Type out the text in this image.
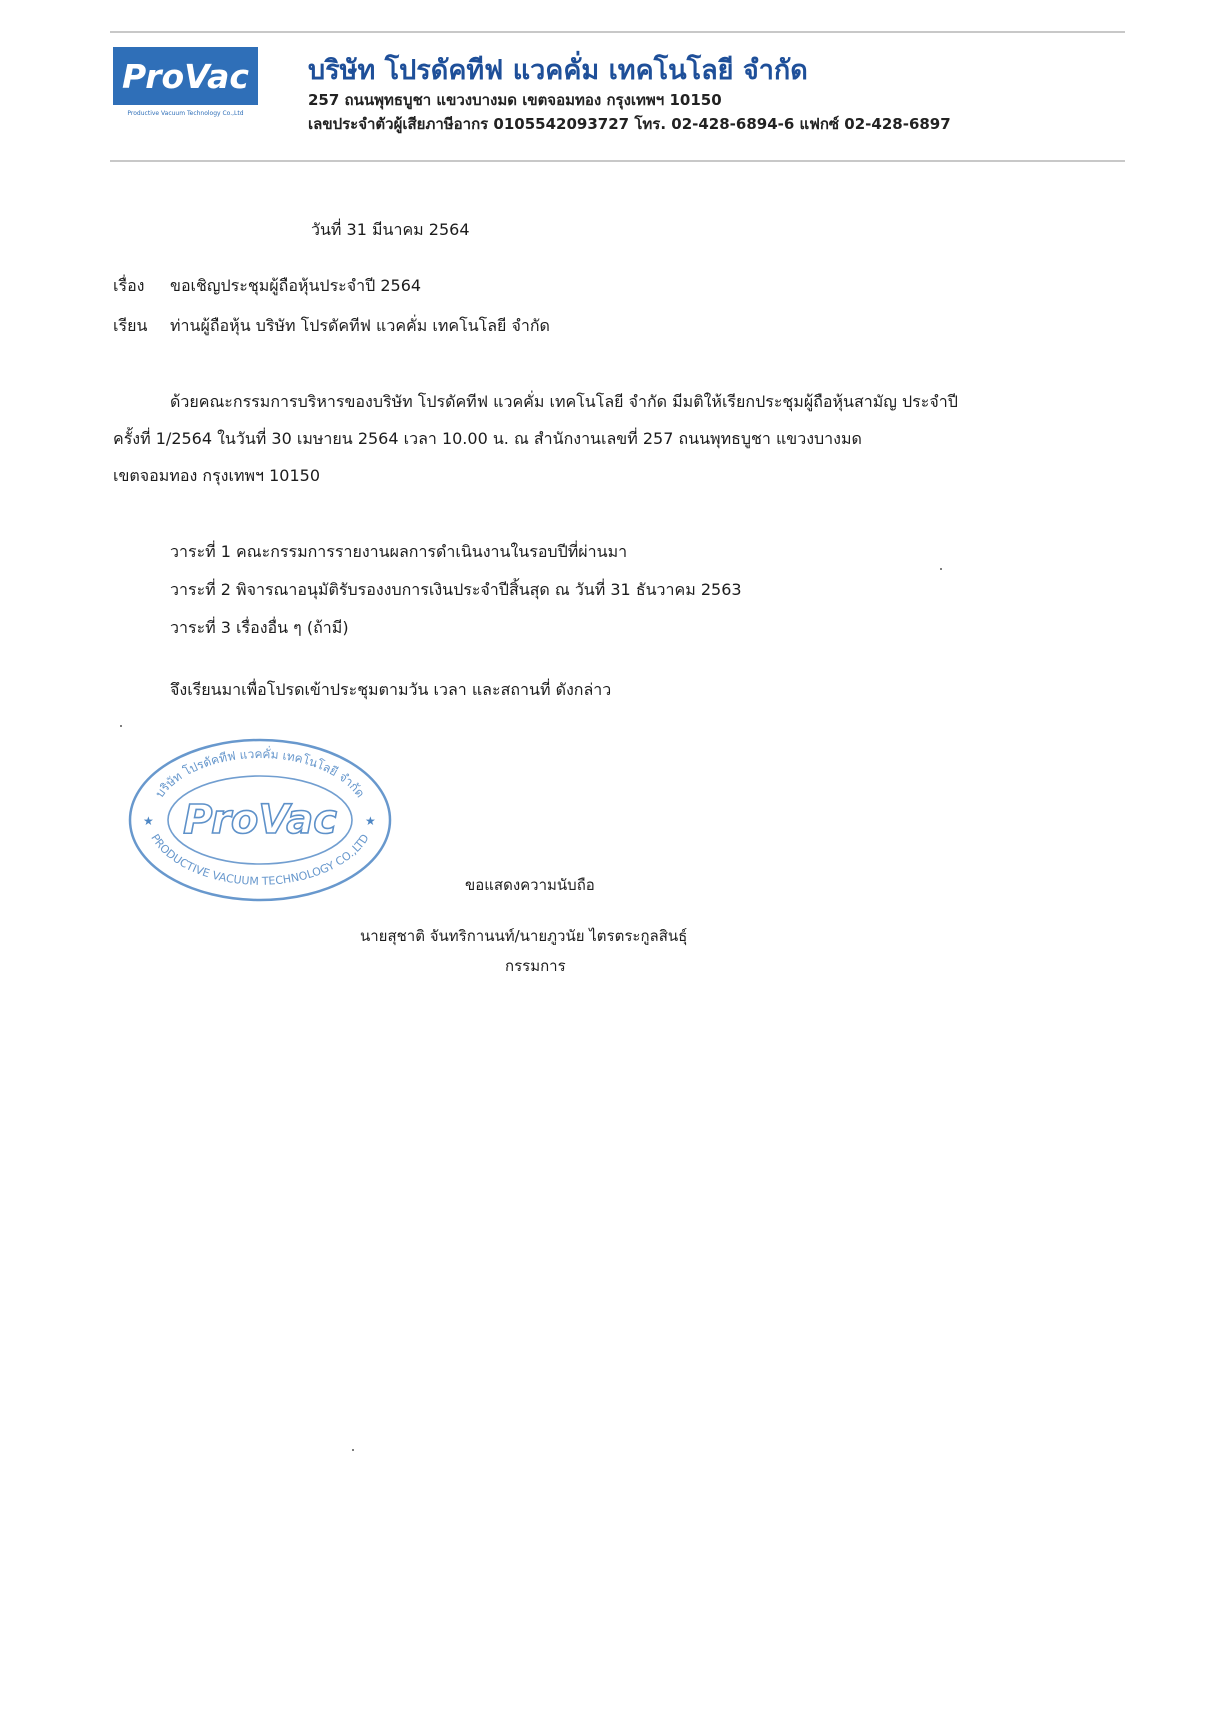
ProVac
Productive Vacuum Technology Co.,Ltd
บริษัท โปรดัคทีฟ แวคคั่ม เทคโนโลยี จำกัด
257 ถนนพุทธบูชา แขวงบางมด เขตจอมทอง กรุงเทพฯ 10150
เลขประจำตัวผู้เสียภาษีอากร 0105542093727 โทร. 02-428-6894-6 แฟกซ์ 02-428-6897
วันที่ 31 มีนาคม 2564
เรื่อง ขอเชิญประชุมผู้ถือหุ้นประจำปี 2564
เรียน ท่านผู้ถือหุ้น บริษัท โปรดัคทีฟ แวคคั่ม เทคโนโลยี จำกัด
ด้วยคณะกรรมการบริหารของบริษัท โปรดัคทีฟ แวคคั่ม เทคโนโลยี จำกัด มีมติให้เรียกประชุมผู้ถือหุ้นสามัญ ประจำปี
ครั้งที่ 1/2564 ในวันที่ 30 เมษายน 2564 เวลา 10.00 น. ณ สำนักงานเลขที่ 257 ถนนพุทธบูชา แขวงบางมด
เขตจอมทอง กรุงเทพฯ 10150
วาระที่ 1 คณะกรรมการรายงานผลการดำเนินงานในรอบปีที่ผ่านมา
วาระที่ 2 พิจารณาอนุมัติรับรองงบการเงินประจำปีสิ้นสุด ณ วันที่ 31 ธันวาคม 2563
วาระที่ 3 เรื่องอื่น ๆ (ถ้ามี)
จึงเรียนมาเพื่อโปรดเข้าประชุมตามวัน เวลา และสถานที่ ดังกล่าว
บริษัท โปรดัคทีฟ แวคคั่ม เทคโนโลยี จำกัด
PRODUCTIVE VACUUM TECHNOLOGY CO.,LTD
ProVac
★	★
ขอแสดงความนับถือ
นายสุชาติ จันทริกานนท์/นายภูวนัย ไตรตระกูลสินธุ์
กรรมการ
